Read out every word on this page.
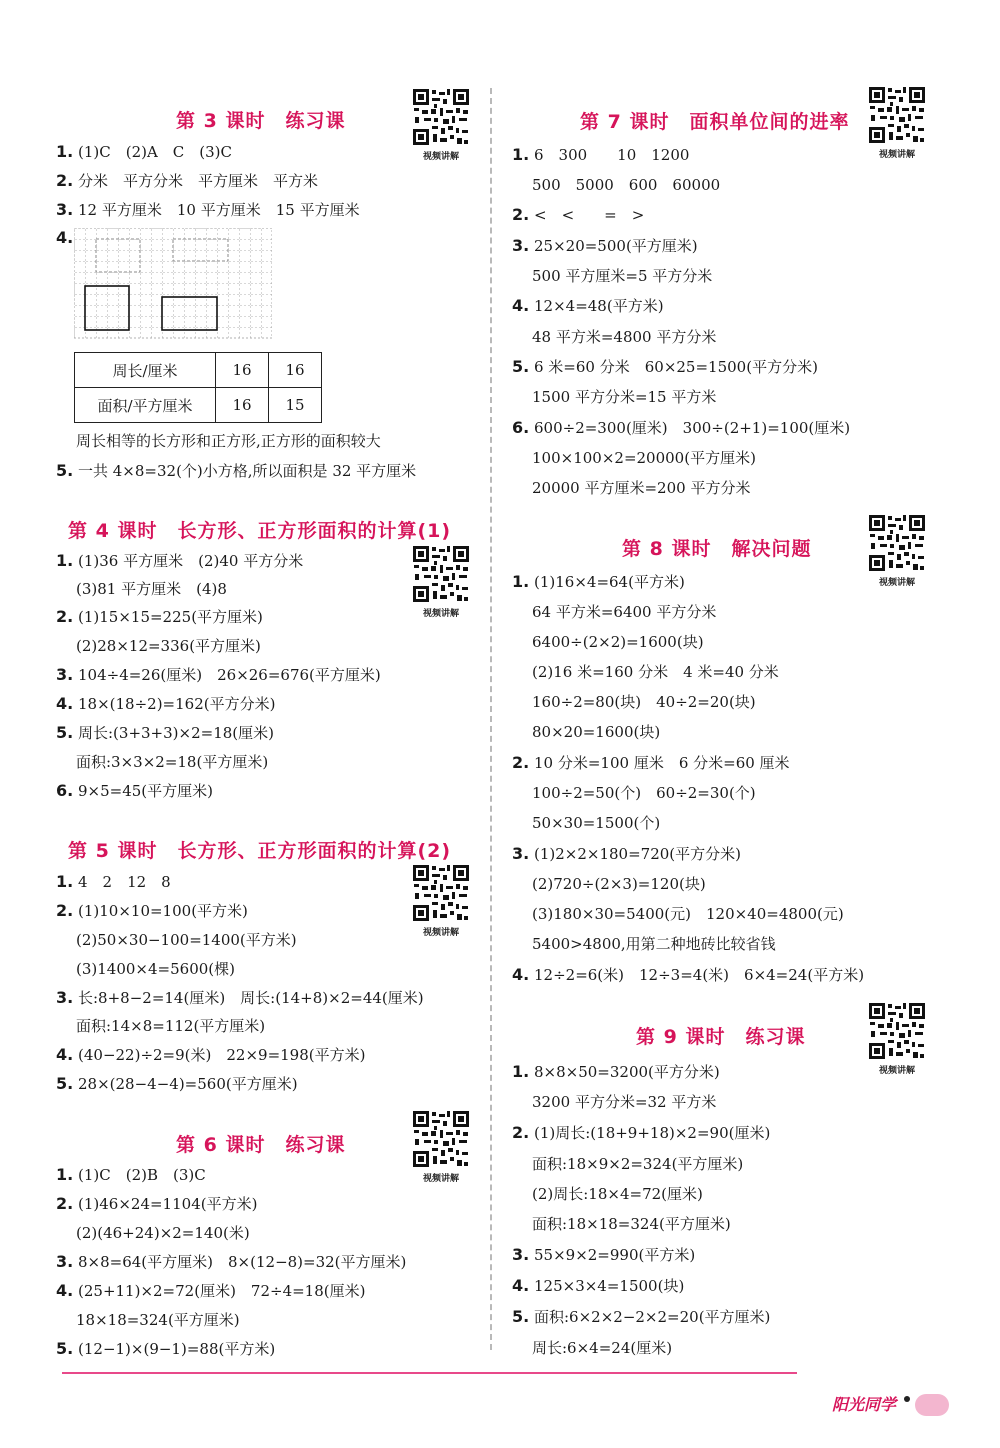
第 3 课时　练习课
视频讲解
1. (1)C　(2)A　C　(3)C
2. 分米　平方分米　平方厘米　平方米
3. 12 平方厘米　10 平方厘米　15 平方厘米
4.
周长/厘米	16	16
面积/平方厘米	16	15
周长相等的长方形和正方形,正方形的面积较大
5. 一共 4×8=32(个)小方格,所以面积是 32 平方厘米
第 4 课时　长方形、正方形面积的计算(1)
视频讲解
1. (1)36 平方厘米　(2)40 平方分米
(3)81 平方厘米　(4)8
2. (1)15×15=225(平方厘米)
(2)28×12=336(平方厘米)
3. 104÷4=26(厘米)　26×26=676(平方厘米)
4. 18×(18÷2)=162(平方分米)
5. 周长:(3+3+3)×2=18(厘米)
面积:3×3×2=18(平方厘米)
6. 9×5=45(平方厘米)
第 5 课时　长方形、正方形面积的计算(2)
视频讲解
1. 4　2　12　8
2. (1)10×10=100(平方米)
(2)50×30−100=1400(平方米)
(3)1400×4=5600(棵)
3. 长:8+8−2=14(厘米)　周长:(14+8)×2=44(厘米)
面积:14×8=112(平方厘米)
4. (40−22)÷2=9(米)　22×9=198(平方米)
5. 28×(28−4−4)=560(平方厘米)
第 6 课时　练习课
视频讲解
1. (1)C　(2)B　(3)C
2. (1)46×24=1104(平方米)
(2)(46+24)×2=140(米)
3. 8×8=64(平方厘米)　8×(12−8)=32(平方厘米)
4. (25+11)×2=72(厘米)　72÷4=18(厘米)
18×18=324(平方厘米)
5. (12−1)×(9−1)=88(平方米)
第 7 课时　面积单位间的进率
视频讲解
1. 6　300　　10　1200
500　5000　600　60000
2. <　<　　=　>
3. 25×20=500(平方厘米)
500 平方厘米=5 平方分米
4. 12×4=48(平方米)
48 平方米=4800 平方分米
5. 6 米=60 分米　60×25=1500(平方分米)
1500 平方分米=15 平方米
6. 600÷2=300(厘米)　300÷(2+1)=100(厘米)
100×100×2=20000(平方厘米)
20000 平方厘米=200 平方分米
第 8 课时　解决问题
视频讲解
1. (1)16×4=64(平方米)
64 平方米=6400 平方分米
6400÷(2×2)=1600(块)
(2)16 米=160 分米　4 米=40 分米
160÷2=80(块)　40÷2=20(块)
80×20=1600(块)
2. 10 分米=100 厘米　6 分米=60 厘米
100÷2=50(个)　60÷2=30(个)
50×30=1500(个)
3. (1)2×2×180=720(平方分米)
(2)720÷(2×3)=120(块)
(3)180×30=5400(元)　120×40=4800(元)
5400>4800,用第二种地砖比较省钱
4. 12÷2=6(米)　12÷3=4(米)　6×4=24(平方米)
第 9 课时　练习课
视频讲解
1. 8×8×50=3200(平方分米)
3200 平方分米=32 平方米
2. (1)周长:(18+9+18)×2=90(厘米)
面积:18×9×2=324(平方厘米)
(2)周长:18×4=72(厘米)
面积:18×18=324(平方厘米)
3. 55×9×2=990(平方米)
4. 125×3×4=1500(块)
5. 面积:6×2×2−2×2=20(平方厘米)
周长:6×4=24(厘米)
阳光同学
